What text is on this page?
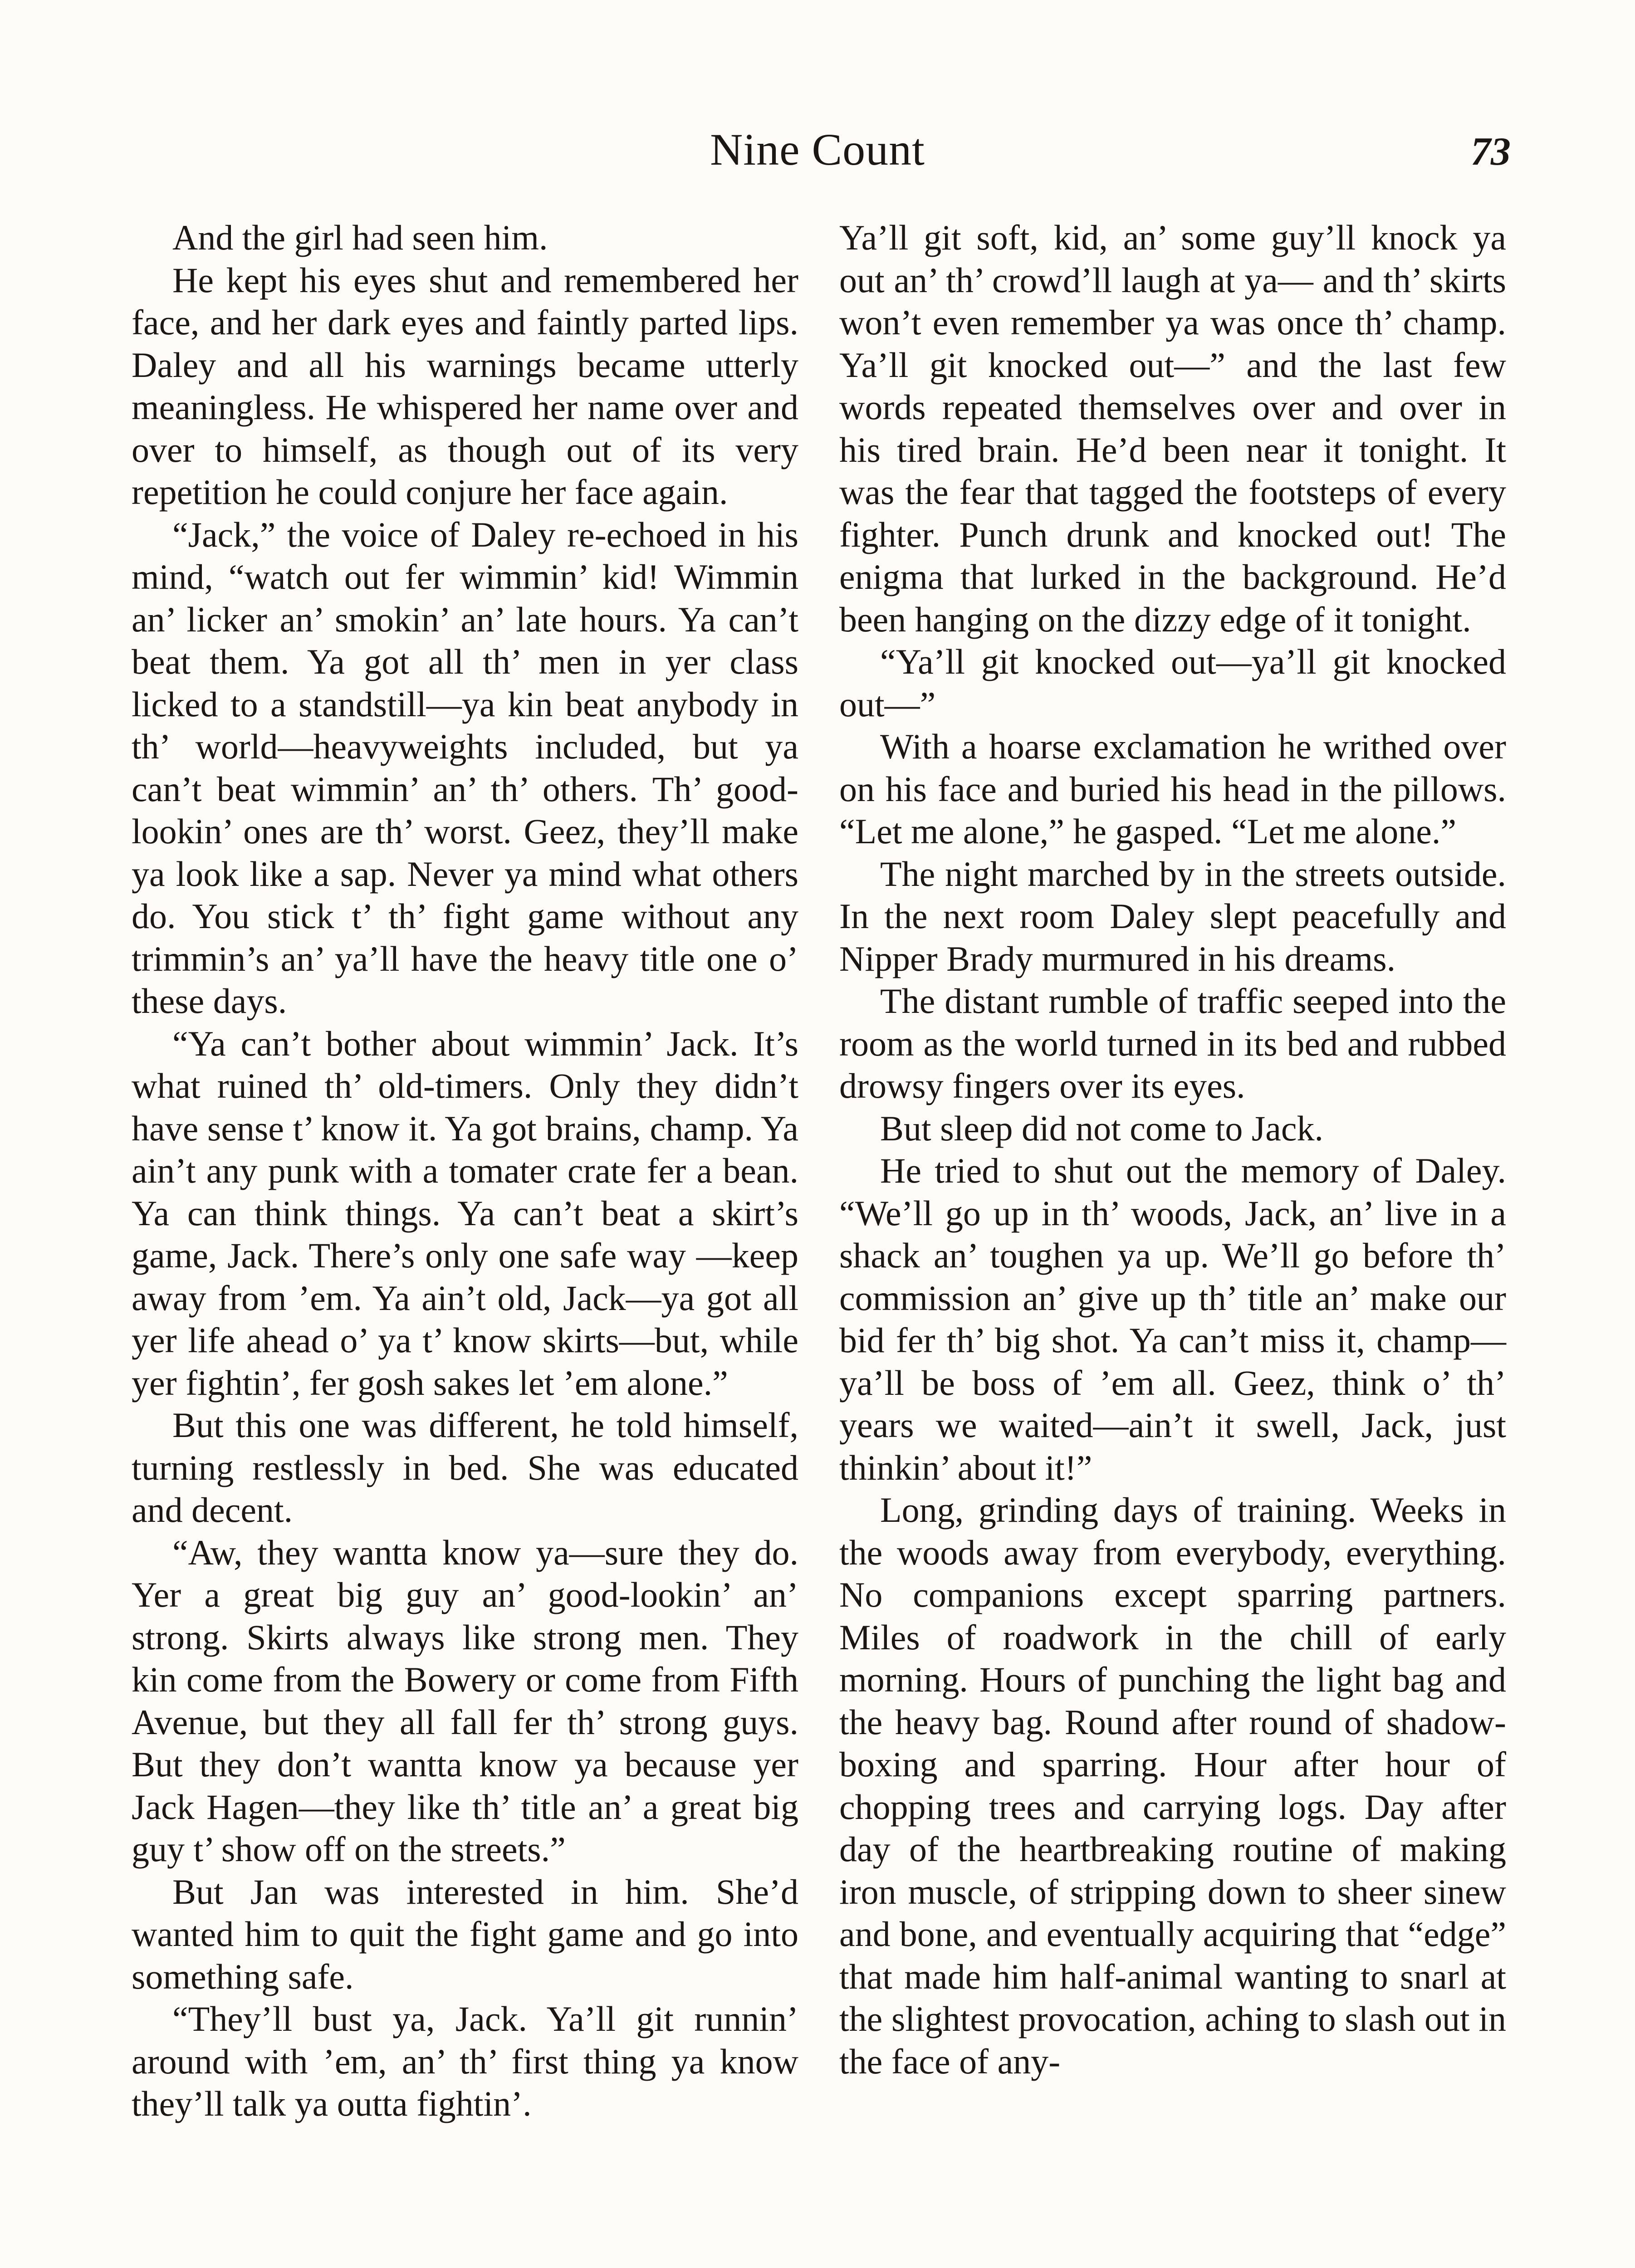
Nine Count	73

And the girl had seen him.

He kept his eyes shut and remembered her face, and her dark eyes and faintly parted lips. Daley and all his warnings became utterly meaningless. He whispered her name over and over to himself, as though out of its very repetition he could conjure her face again.

“Jack,” the voice of Daley re-echoed in his mind, “watch out fer wimmin’ kid! Wimmin an’ licker an’ smokin’ an’ late hours. Ya can’t beat them. Ya got all th’ men in yer class licked to a standstill—ya kin beat anybody in th’ world—heavyweights included, but ya can’t beat wimmin’ an’ th’ others. Th’ good-lookin’ ones are th’ worst. Geez, they’ll make ya look like a sap. Never ya mind what others do. You stick t’ th’ fight game without any trimmin’s an’ ya’ll have the heavy title one o’ these days.

“Ya can’t bother about wimmin’ Jack. It’s what ruined th’ old-timers. Only they didn’t have sense t’ know it. Ya got brains, champ. Ya ain’t any punk with a tomater crate fer a bean. Ya can think things. Ya can’t beat a skirt’s game, Jack. There’s only one safe way —keep away from ’em. Ya ain’t old, Jack—ya got all yer life ahead o’ ya t’ know skirts—but, while yer fightin’, fer gosh sakes let ’em alone.”

But this one was different, he told himself, turning restlessly in bed. She was educated and decent.

“Aw, they wantta know ya—sure they do. Yer a great big guy an’ good-lookin’ an’ strong. Skirts always like strong men. They kin come from the Bowery or come from Fifth Avenue, but they all fall fer th’ strong guys. But they don’t wantta know ya because yer Jack Hagen—they like th’ title an’ a great big guy t’ show off on the streets.”

But Jan was interested in him. She’d wanted him to quit the fight game and go into something safe.

“They’ll bust ya, Jack. Ya’ll git runnin’ around with ’em, an’ th’ first thing ya know they’ll talk ya outta fightin’.

Ya’ll git soft, kid, an’ some guy’ll knock ya out an’ th’ crowd’ll laugh at ya— and th’ skirts won’t even remember ya was once th’ champ. Ya’ll git knocked out—” and the last few words repeated themselves over and over in his tired brain. He’d been near it tonight. It was the fear that tagged the footsteps of every fighter. Punch drunk and knocked out! The enigma that lurked in the background. He’d been hanging on the dizzy edge of it tonight.

“Ya’ll git knocked out—ya’ll git knocked out—”

With a hoarse exclamation he writhed over on his face and buried his head in the pillows. “Let me alone,” he gasped. “Let me alone.”

The night marched by in the streets outside. In the next room Daley slept peacefully and Nipper Brady murmured in his dreams.

The distant rumble of traffic seeped into the room as the world turned in its bed and rubbed drowsy fingers over its eyes.

But sleep did not come to Jack.

He tried to shut out the memory of Daley. “We’ll go up in th’ woods, Jack, an’ live in a shack an’ toughen ya up. We’ll go before th’ commission an’ give up th’ title an’ make our bid fer th’ big shot. Ya can’t miss it, champ— ya’ll be boss of ’em all. Geez, think o’ th’ years we waited—ain’t it swell, Jack, just thinkin’ about it!”

Long, grinding days of training. Weeks in the woods away from everybody, everything. No companions except sparring partners. Miles of roadwork in the chill of early morning. Hours of punching the light bag and the heavy bag. Round after round of shadow-boxing and sparring. Hour after hour of chopping trees and carrying logs. Day after day of the heartbreaking routine of making iron muscle, of stripping down to sheer sinew and bone, and eventually acquiring that “edge” that made him half-animal wanting to snarl at the slightest provocation, aching to slash out in the face of any-
